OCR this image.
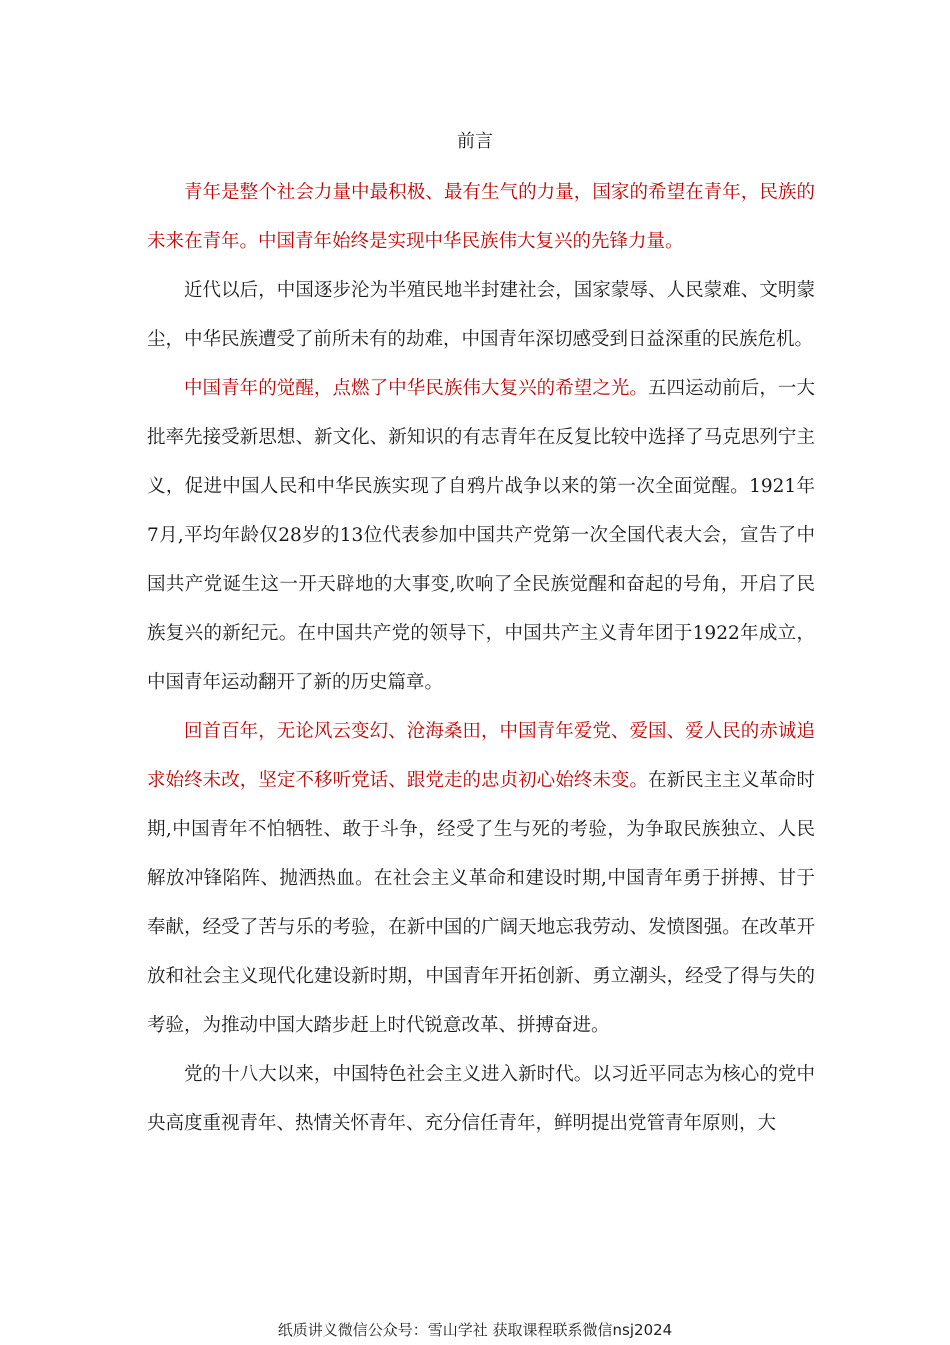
前言

青年是整个社会力量中最积极、最有生气的力量，国家的希望在青年，民族的未来在青年。中国青年始终是实现中华民族伟大复兴的先锋力量。

近代以后，中国逐步沦为半殖民地半封建社会，国家蒙辱、人民蒙难、文明蒙尘，中华民族遭受了前所未有的劫难，中国青年深切感受到日益深重的民族危机。

中国青年的觉醒，点燃了中华民族伟大复兴的希望之光。五四运动前后，一大批率先接受新思想、新文化、新知识的有志青年在反复比较中选择了马克思列宁主义，促进中国人民和中华民族实现了自鸦片战争以来的第一次全面觉醒。1921年7月,平均年龄仅28岁的13位代表参加中国共产党第一次全国代表大会，宣告了中国共产党诞生这一开天辟地的大事变,吹响了全民族觉醒和奋起的号角，开启了民族复兴的新纪元。在中国共产党的领导下，中国共产主义青年团于1922年成立，中国青年运动翻开了新的历史篇章。

回首百年，无论风云变幻、沧海桑田，中国青年爱党、爱国、爱人民的赤诚追求始终未改，坚定不移听党话、跟党走的忠贞初心始终未变。在新民主主义革命时期,中国青年不怕牺牲、敢于斗争，经受了生与死的考验，为争取民族独立、人民解放冲锋陷阵、抛洒热血。在社会主义革命和建设时期,中国青年勇于拼搏、甘于奉献，经受了苦与乐的考验，在新中国的广阔天地忘我劳动、发愤图强。在改革开放和社会主义现代化建设新时期，中国青年开拓创新、勇立潮头，经受了得与失的考验，为推动中国大踏步赶上时代锐意改革、拼搏奋进。

党的十八大以来，中国特色社会主义进入新时代。以习近平同志为核心的党中央高度重视青年、热情关怀青年、充分信任青年，鲜明提出党管青年原则，大

纸质讲义微信公众号：雪山学社 获取课程联系微信nsj2024
